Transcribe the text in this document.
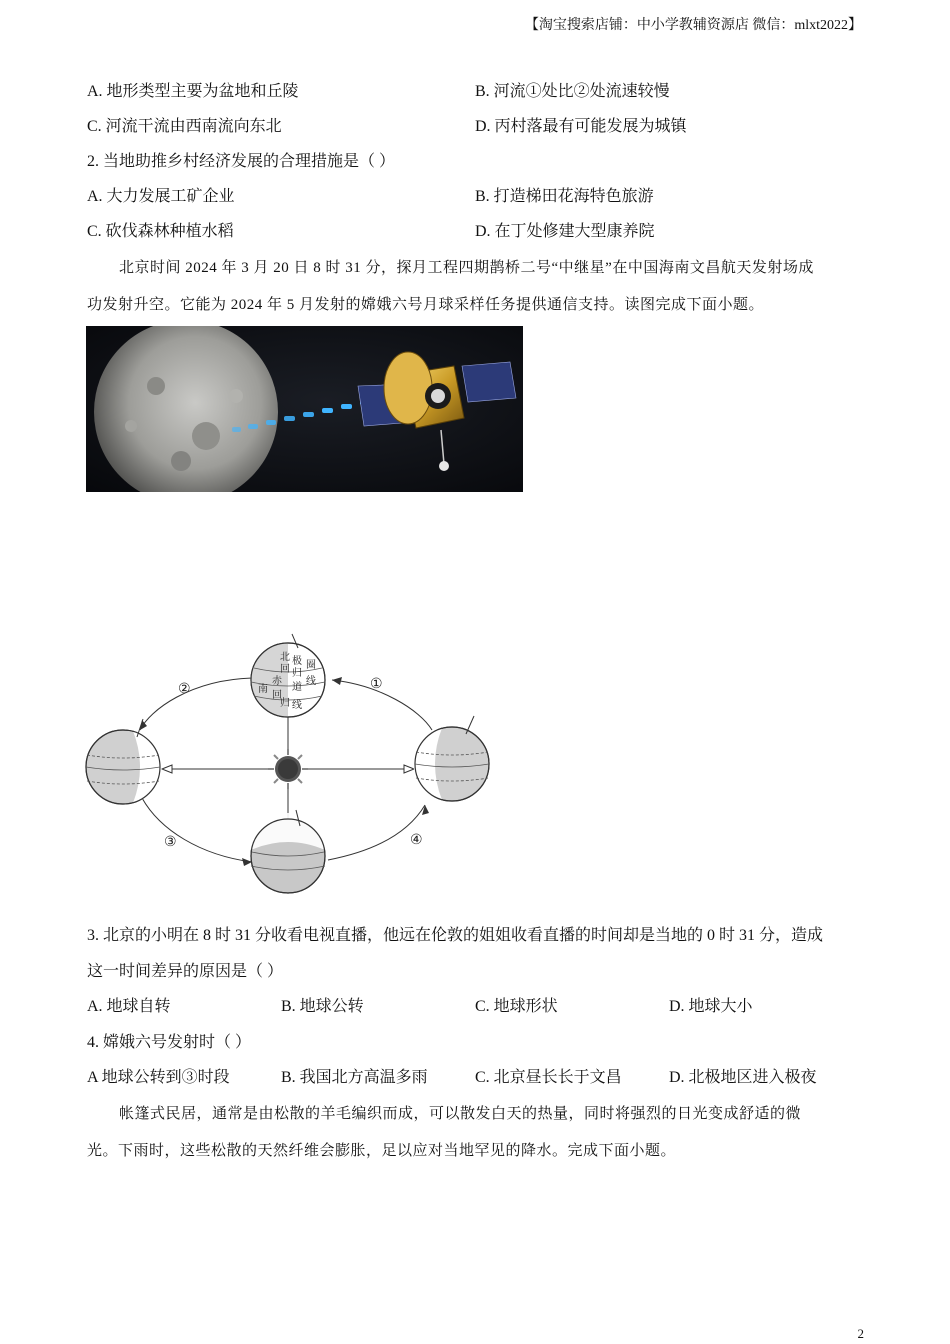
【淘宝搜索店铺：中小学教辅资源店 微信：mlxt2022】
A. 地形类型主要为盆地和丘陵	B. 河流①处比②处流速较慢
C. 河流干流由西南流向东北	D. 丙村落最有可能发展为城镇
2. 当地助推乡村经济发展的合理措施是（ ）
A. 大力发展工矿企业	B. 打造梯田花海特色旅游
C. 砍伐森林种植水稻	D. 在丁处修建大型康养院
北京时间 2024 年 3 月 20 日 8 时 31 分，探月工程四期鹊桥二号“中继星”在中国海南文昌航天发射场成
功发射升空。它能为 2024 年 5 月发射的嫦娥六号月球采样任务提供通信支持。读图完成下面小题。
北 回 极 圈 归 线 赤 道 南 回 归 线
②	①
③	④
3. 北京的小明在 8 时 31 分收看电视直播，他远在伦敦的姐姐收看直播的时间却是当地的 0 时 31 分，造成
这一时间差异的原因是（ ）
A. 地球自转	B. 地球公转	C. 地球形状	D. 地球大小
4. 嫦娥六号发射时（ ）
A 地球公转到③时段	B. 我国北方高温多雨	C. 北京昼长长于文昌	D. 北极地区进入极夜
帐篷式民居，通常是由松散的羊毛编织而成，可以散发白天的热量，同时将强烈的日光变成舒适的微
光。下雨时，这些松散的天然纤维会膨胀，足以应对当地罕见的降水。完成下面小题。
2
